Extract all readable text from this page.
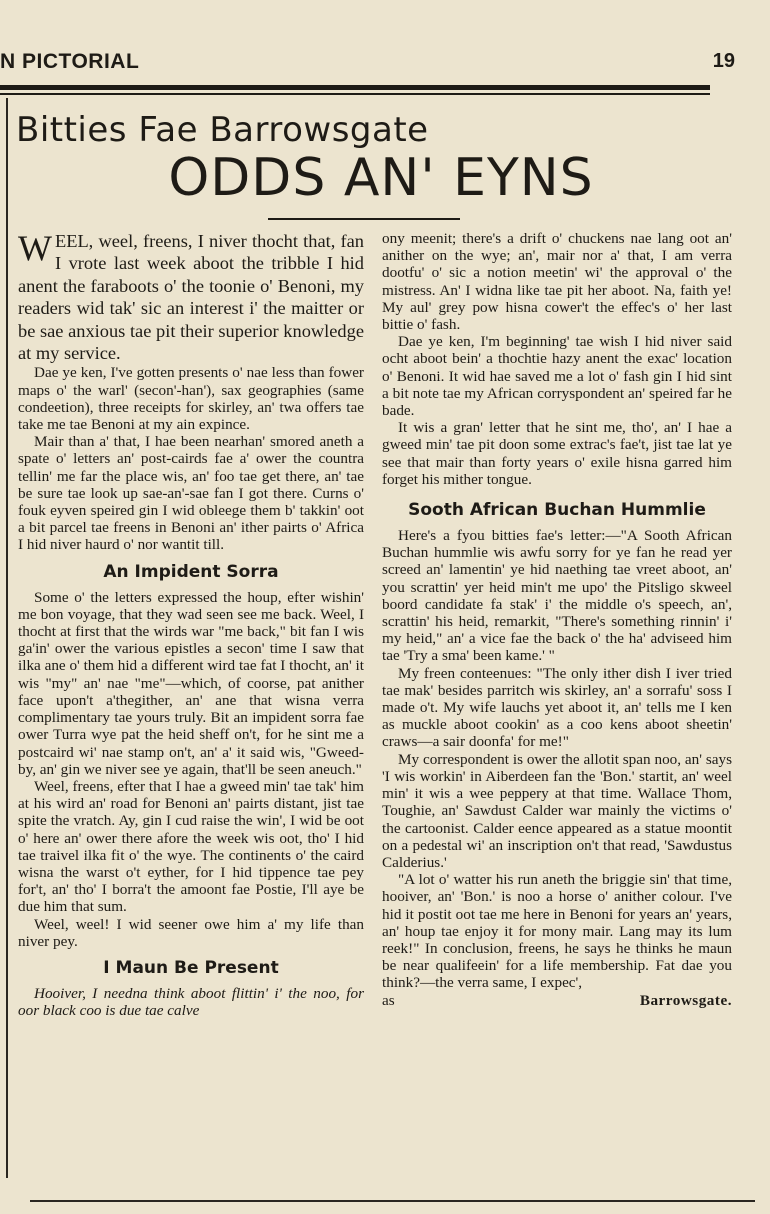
N PICTORIAL	19
Bitties Fae Barrowsgate
ODDS AN' EYNS

WEEL, weel, freens, I niver thocht that, fan I vrote last week aboot the tribble I hid anent the faraboots o' the toonie o' Benoni, my readers wid tak' sic an interest i' the maitter or be sae anxious tae pit their superior knowledge at my service.

Dae ye ken, I've gotten presents o' nae less than fower maps o' the warl' (secon'-han'), sax geographies (same condeetion), three receipts for skirley, an' twa offers tae take me tae Benoni at my ain expince.

Mair than a' that, I hae been nearhan' smored aneth a spate o' letters an' post-cairds fae a' ower the countra tellin' me far the place wis, an' foo tae get there, an' tae be sure tae look up sae-an'-sae fan I got there. Curns o' fouk eyven speired gin I wid obleege them b' takkin' oot a bit parcel tae freens in Benoni an' ither pairts o' Africa I hid niver haurd o' nor wantit till.

An Impident Sorra

Some o' the letters expressed the houp, efter wishin' me bon voyage, that they wad seen see me back. Weel, I thocht at first that the wirds war "me back," bit fan I wis ga'in' ower the various epistles a secon' time I saw that ilka ane o' them hid a different wird tae fat I thocht, an' it wis "my" an' nae "me"—which, of coorse, pat anither face upon't a'thegither, an' ane that wisna verra complimentary tae yours truly. Bit an impident sorra fae ower Turra wye pat the heid sheff on't, for he sint me a postcaird wi' nae stamp on't, an' a' it said wis, "Gweed-by, an' gin we niver see ye again, that'll be seen aneuch."

Weel, freens, efter that I hae a gweed min' tae tak' him at his wird an' road for Benoni an' pairts distant, jist tae spite the vratch. Ay, gin I cud raise the win', I wid be oot o' here an' ower there afore the week wis oot, tho' I hid tae traivel ilka fit o' the wye. The continents o' the caird wisna the warst o't eyther, for I hid tippence tae pey for't, an' tho' I borra't the amoont fae Postie, I'll aye be due him that sum.

Weel, weel! I wid seener owe him a' my life than niver pey.

I Maun Be Present

Hooiver, I needna think aboot flittin' i' the noo, for oor black coo is due tae calve

ony meenit; there's a drift o' chuckens nae lang oot an' anither on the wye; an', mair nor a' that, I am verra dootfu' o' sic a notion meetin' wi' the approval o' the mistress. An' I widna like tae pit her aboot. Na, faith ye! My aul' grey pow hisna cower't the effec's o' her last bittie o' fash.

Dae ye ken, I'm beginning' tae wish I hid niver said ocht aboot bein' a thochtie hazy anent the exac' location o' Benoni. It wid hae saved me a lot o' fash gin I hid sint a bit note tae my African corryspondent an' speired far he bade.

It wis a gran' letter that he sint me, tho', an' I hae a gweed min' tae pit doon some extrac's fae't, jist tae lat ye see that mair than forty years o' exile hisna garred him forget his mither tongue.

Sooth African Buchan Hummlie

Here's a fyou bitties fae's letter:—"A Sooth African Buchan hummlie wis awfu sorry for ye fan he read yer screed an' lamentin' ye hid naething tae vreet aboot, an' you scrattin' yer heid min't me upo' the Pitsligo skweel boord candidate fa stak' i' the middle o's speech, an', scrattin' his heid, remarkit, "There's something rinnin' i' my heid," an' a vice fae the back o' the ha' adviseed him tae 'Try a sma' been kame.' "

My freen conteenues: "The only ither dish I iver tried tae mak' besides parritch wis skirley, an' a sorrafu' soss I made o't. My wife lauchs yet aboot it, an' tells me I ken as muckle aboot cookin' as a coo kens aboot sheetin' craws—a sair doonfa' for me!"

My correspondent is ower the allotit span noo, an' says 'I wis workin' in Aiberdeen fan the 'Bon.' startit, an' weel min' it wis a wee peppery at that time. Wallace Thom, Toughie, an' Sawdust Calder war mainly the victims o' the cartoonist. Calder eence appeared as a statue moontit on a pedestal wi' an inscription on't that read, 'Sawdustus Calderius.'

"A lot o' watter his run aneth the briggie sin' that time, hooiver, an' 'Bon.' is noo a horse o' anither colour. I've hid it postit oot tae me here in Benoni for years an' years, an' houp tae enjoy it for mony mair. Lang may its lum reek!" In conclusion, freens, he says he thinks he maun be near qualifeein' for a life membership. Fat dae you think?—the verra same, I expec',

as	Barrowsgate.
